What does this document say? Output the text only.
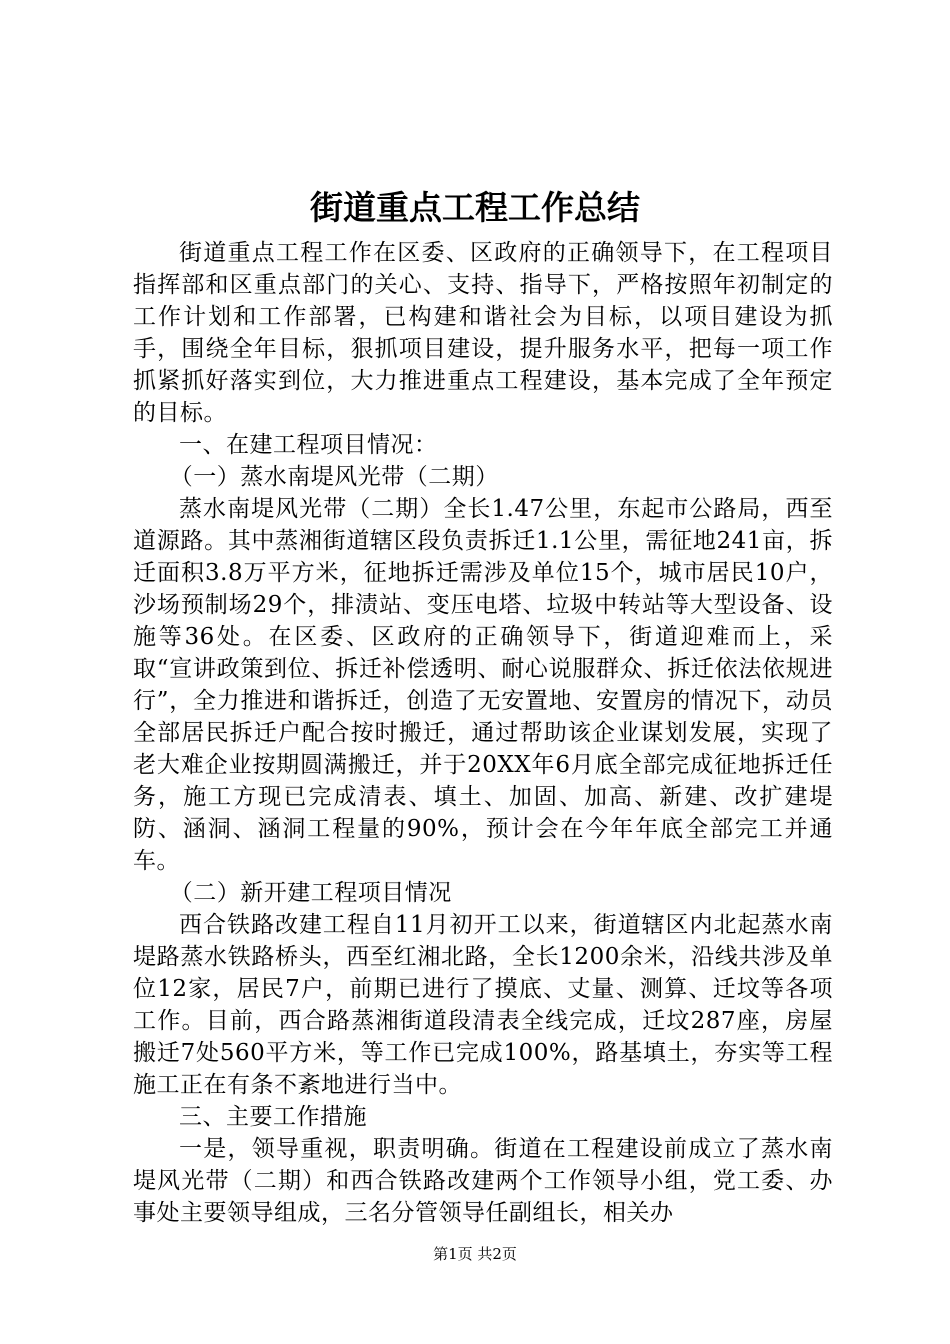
街道重点工程工作总结

街道重点工程工作在区委、区政府的正确领导下，在工程项目指挥部和区重点部门的关心、支持、指导下，严格按照年初制定的工作计划和工作部署，已构建和谐社会为目标，以项目建设为抓手，围绕全年目标，狠抓项目建设，提升服务水平，把每一项工作抓紧抓好落实到位，大力推进重点工程建设，基本完成了全年预定的目标。

一、在建工程项目情况：

（一）蒸水南堤风光带（二期）

蒸水南堤风光带（二期）全长1.47公里，东起市公路局，西至道源路。其中蒸湘街道辖区段负责拆迁1.1公里，需征地241亩，拆迁面积3.8万平方米，征地拆迁需涉及单位15个，城市居民10户，沙场预制场29个，排渍站、变压电塔、垃圾中转站等大型设备、设施等36处。在区委、区政府的正确领导下，街道迎难而上，采取“宣讲政策到位、拆迁补偿透明、耐心说服群众、拆迁依法依规进行”，全力推进和谐拆迁，创造了无安置地、安置房的情况下，动员全部居民拆迁户配合按时搬迁，通过帮助该企业谋划发展，实现了老大难企业按期圆满搬迁，并于20XX年6月底全部完成征地拆迁任务，施工方现已完成清表、填土、加固、加高、新建、改扩建堤防、涵洞、涵洞工程量的90%，预计会在今年年底全部完工并通车。

（二）新开建工程项目情况

西合铁路改建工程自11月初开工以来，街道辖区内北起蒸水南堤路蒸水铁路桥头，西至红湘北路，全长1200余米，沿线共涉及单位12家，居民7户，前期已进行了摸底、丈量、测算、迁坟等各项工作。目前，西合路蒸湘街道段清表全线完成，迁坟287座，房屋搬迁7处560平方米，等工作已完成100%，路基填土，夯实等工程施工正在有条不紊地进行当中。

三、主要工作措施

一是，领导重视，职责明确。街道在工程建设前成立了蒸水南堤风光带（二期）和西合铁路改建两个工作领导小组，党工委、办事处主要领导组成，三名分管领导任副组长，相关办

第1页 共2页
